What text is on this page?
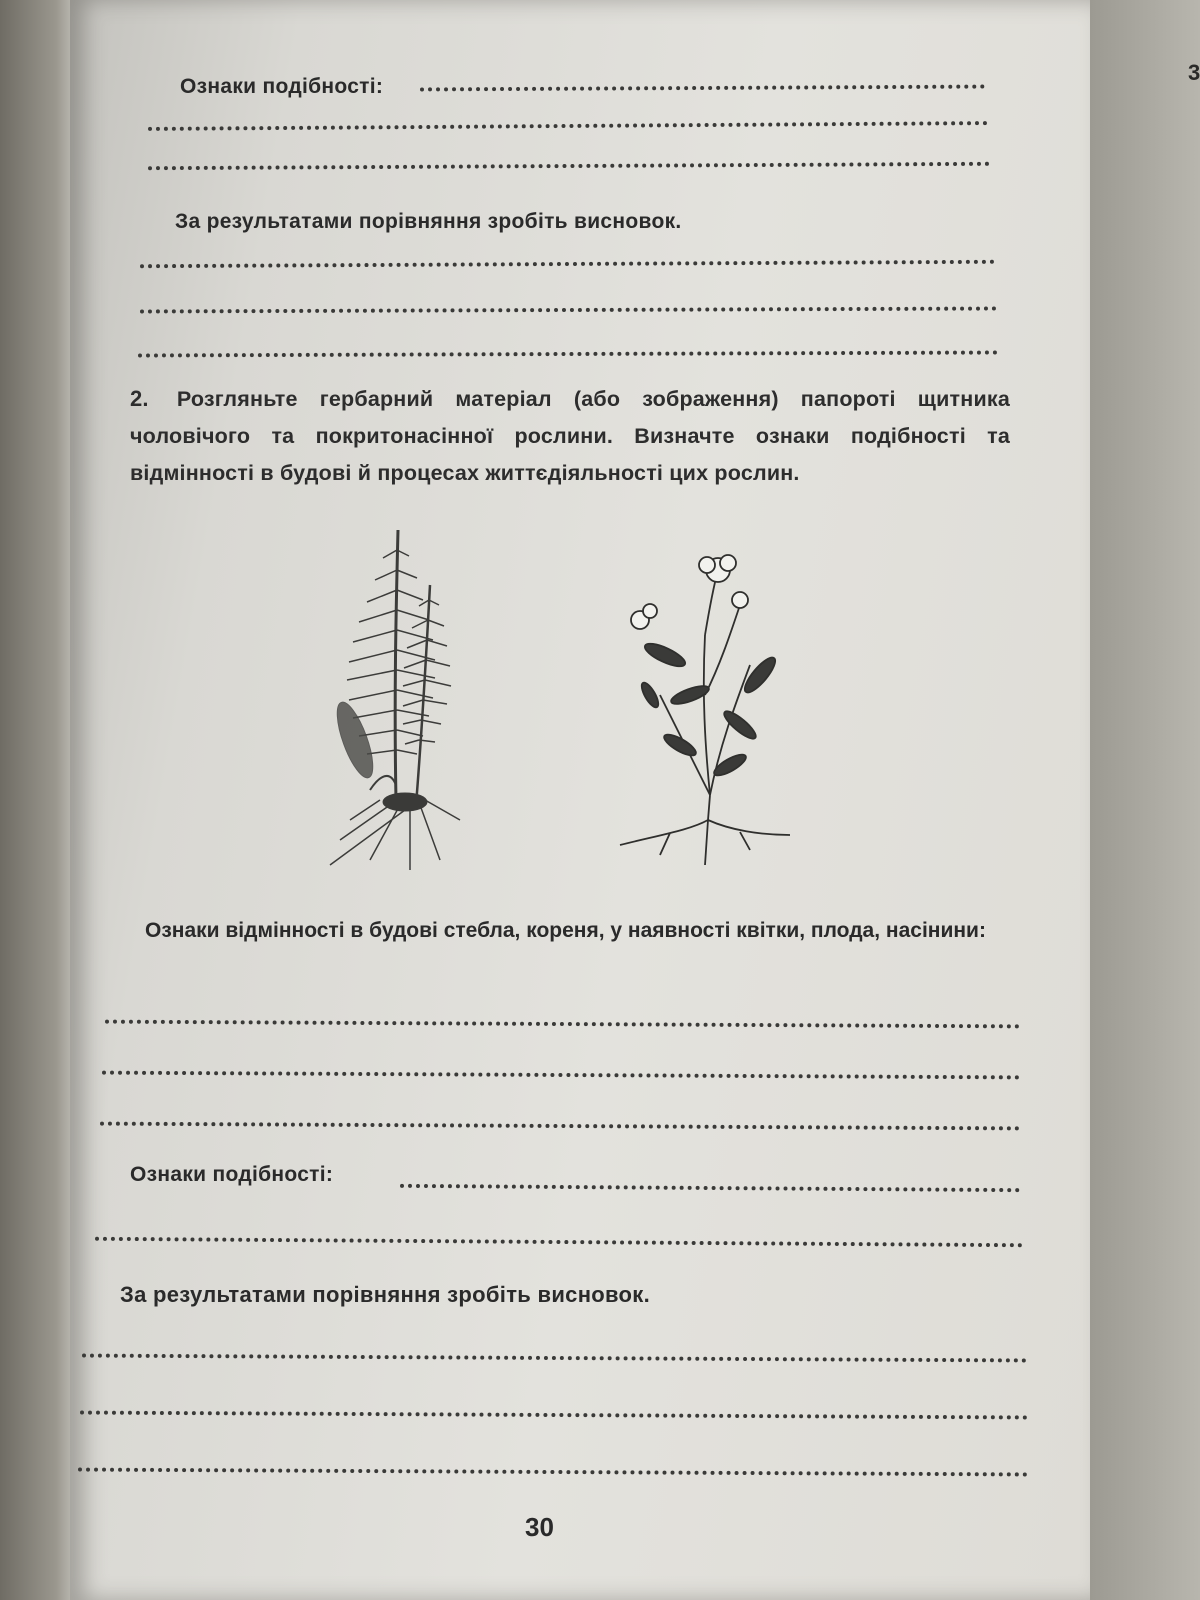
3
Ознаки подібності:
За результатами порівняння зробіть висновок.
2. Розгляньте гербарний матеріал (або зображення) папороті щитника чоловічого та покритонасінної рослини. Визначте ознаки подібності та відмінності в будові й процесах життєдіяльності цих рослин.
Ознаки відмінності в будові стебла, кореня, у наявності квітки, плода, насінини:
Ознаки подібності:
За результатами порівняння зробіть висновок.
30
